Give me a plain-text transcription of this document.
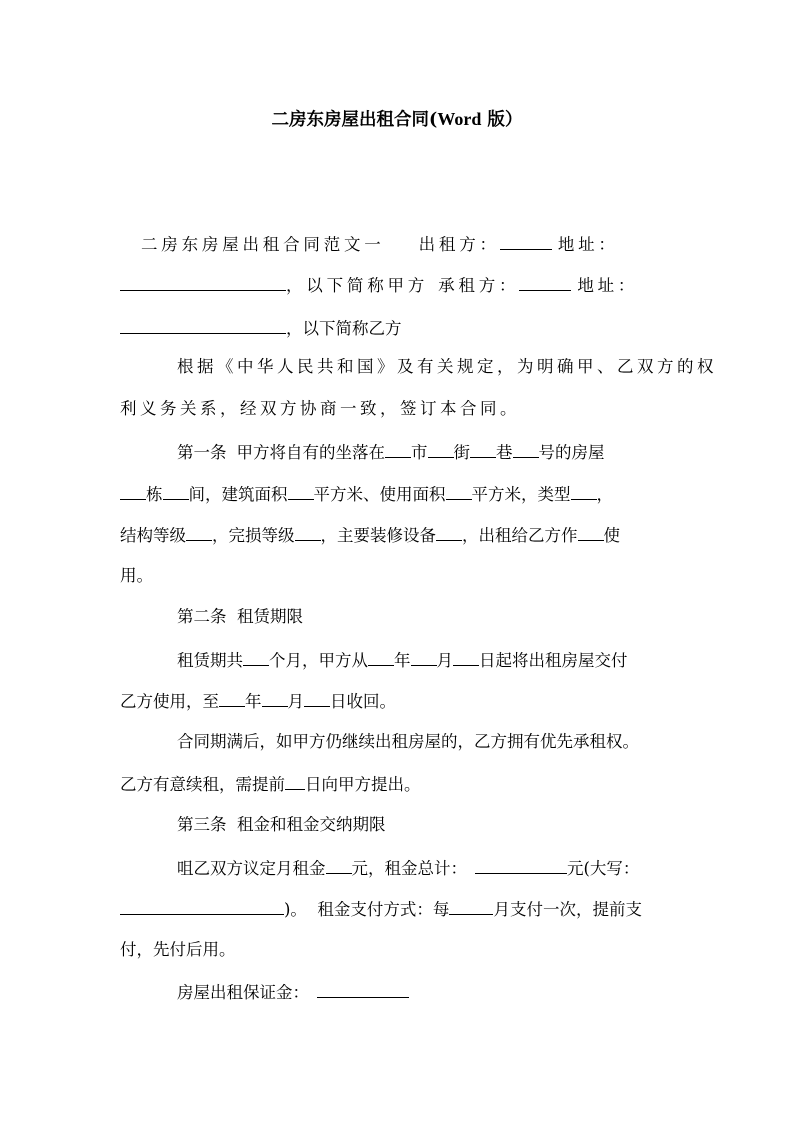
二房东房屋出租合同(Word 版）
二房东房屋出租合同范文一 出租方：	地址：
，以下简称甲方 承租方：	地址：
，以下简称乙方
根据《中华人民共和国》及有关规定，为明确甲、乙双方的权
利义务关系，经双方协商一致，签订本合同。
第一条 甲方将自有的坐落在 市 街 巷 号的房屋
栋 间，建筑面积 平方米、使用面积 平方米，类型 ，
结构等级 ，完损等级 ，主要装修设备 ，出租给乙方作 使
用。
第二条  租赁期限
租赁期共 个月，甲方从 年 月 日起将出租房屋交付
乙方使用，至 年 月 日收回。
合同期满后，如甲方仍继续出租房屋的，乙方拥有优先承租权。
乙方有意续租，需提前 日向甲方提出。
第三条  租金和租金交纳期限
咀乙双方议定月租金 元，租金总计：	元(大写：
)。  租金支付方式：每	月支付一次，提前支
付，先付后用。
房屋出租保证金：
